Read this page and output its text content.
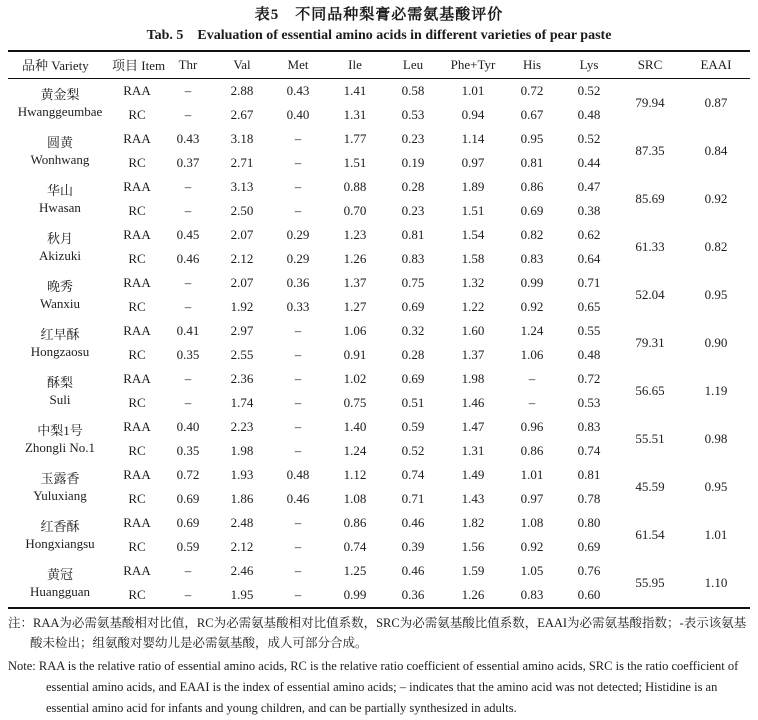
表5　不同品种梨膏必需氨基酸评价
Tab. 5　Evaluation of essential amino acids in different varieties of pear paste
品种 Variety	项目 Item	Thr	Val	Met	Ile	Leu	Phe+Tyr	His	Lys	SRC	EAAI

黄金梨
Hwanggeumbae	RAA	–	2.88	0.43	1.41	0.58	1.01	0.72	0.52	79.94	0.87
	RC	–	2.67	0.40	1.31	0.53	0.94	0.67	0.48		

圆黄
Wonhwang	RAA	0.43	3.18	–	1.77	0.23	1.14	0.95	0.52	87.35	0.84
	RC	0.37	2.71	–	1.51	0.19	0.97	0.81	0.44		

华山
Hwasan	RAA	–	3.13	–	0.88	0.28	1.89	0.86	0.47	85.69	0.92
	RC	–	2.50	–	0.70	0.23	1.51	0.69	0.38		

秋月
Akizuki	RAA	0.45	2.07	0.29	1.23	0.81	1.54	0.82	0.62	61.33	0.82
	RC	0.46	2.12	0.29	1.26	0.83	1.58	0.83	0.64		

晚秀
Wanxiu	RAA	–	2.07	0.36	1.37	0.75	1.32	0.99	0.71	52.04	0.95
	RC	–	1.92	0.33	1.27	0.69	1.22	0.92	0.65		

红早酥
Hongzaosu	RAA	0.41	2.97	–	1.06	0.32	1.60	1.24	0.55	79.31	0.90
	RC	0.35	2.55	–	0.91	0.28	1.37	1.06	0.48		

酥梨
Suli	RAA	–	2.36	–	1.02	0.69	1.98	–	0.72	56.65	1.19
	RC	–	1.74	–	0.75	0.51	1.46	–	0.53		

中梨1号
Zhongli No.1	RAA	0.40	2.23	–	1.40	0.59	1.47	0.96	0.83	55.51	0.98
	RC	0.35	1.98	–	1.24	0.52	1.31	0.86	0.74		

玉露香
Yuluxiang	RAA	0.72	1.93	0.48	1.12	0.74	1.49	1.01	0.81	45.59	0.95
	RC	0.69	1.86	0.46	1.08	0.71	1.43	0.97	0.78		

红香酥
Hongxiangsu	RAA	0.69	2.48	–	0.86	0.46	1.82	1.08	0.80	61.54	1.01
	RC	0.59	2.12	–	0.74	0.39	1.56	0.92	0.69		

黄冠
Huangguan	RAA	–	2.46	–	1.25	0.46	1.59	1.05	0.76	55.95	1.10
	RC	–	1.95	–	0.99	0.36	1.26	0.83	0.60		
注：RAA为必需氨基酸相对比值，RC为必需氨基酸相对比值系数，SRC为必需氨基酸比值系数，EAAI为必需氨基酸指数；-表示该氨基酸未检出；组氨酸对婴幼儿是必需氨基酸，成人可部分合成。
Note: RAA is the relative ratio of essential amino acids, RC is the relative ratio coefficient of essential amino acids, SRC is the ratio coefficient of essential amino acids, and EAAI is the index of essential amino acids; – indicates that the amino acid was not detected; Histidine is an essential amino acid for infants and young children, and can be partially synthesized in adults.
